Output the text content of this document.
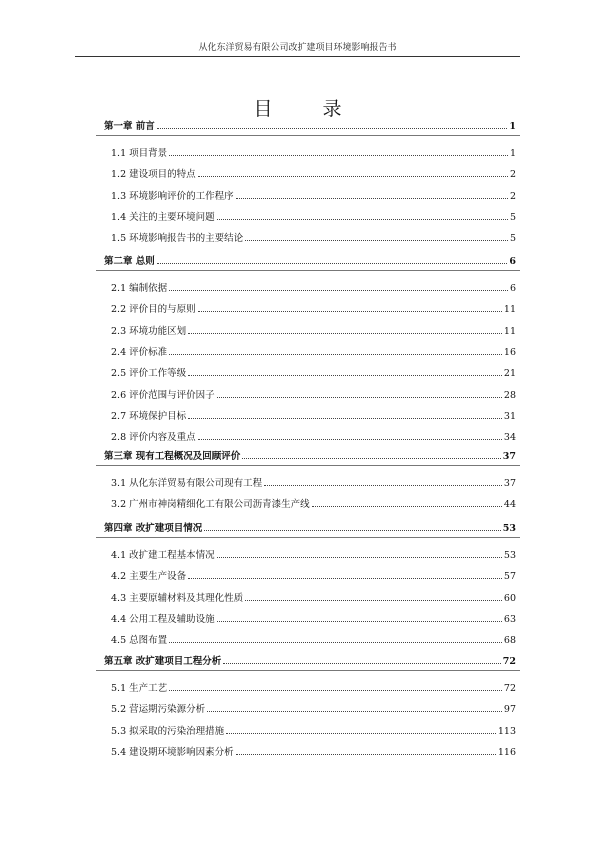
从化东洋贸易有限公司改扩建项目环境影响报告书
目 录
第一章 前言	1
1.1 项目背景	1
1.2 建设项目的特点	2
1.3 环境影响评价的工作程序	2
1.4 关注的主要环境问题	5
1.5 环境影响报告书的主要结论	5
第二章 总则	6
2.1 编制依据	6
2.2 评价目的与原则	11
2.3 环境功能区划	11
2.4 评价标准	16
2.5 评价工作等级	21
2.6 评价范围与评价因子	28
2.7 环境保护目标	31
2.8 评价内容及重点	34
第三章 现有工程概况及回顾评价	37
3.1 从化东洋贸易有限公司现有工程	37
3.2 广州市神岗精细化工有限公司沥青漆生产线	44
第四章 改扩建项目情况	53
4.1 改扩建工程基本情况	53
4.2 主要生产设备	57
4.3 主要原辅材料及其理化性质	60
4.4 公用工程及辅助设施	63
4.5 总图布置	68
第五章 改扩建项目工程分析	72
5.1 生产工艺	72
5.2 营运期污染源分析	97
5.3 拟采取的污染治理措施	113
5.4 建设期环境影响因素分析	116
